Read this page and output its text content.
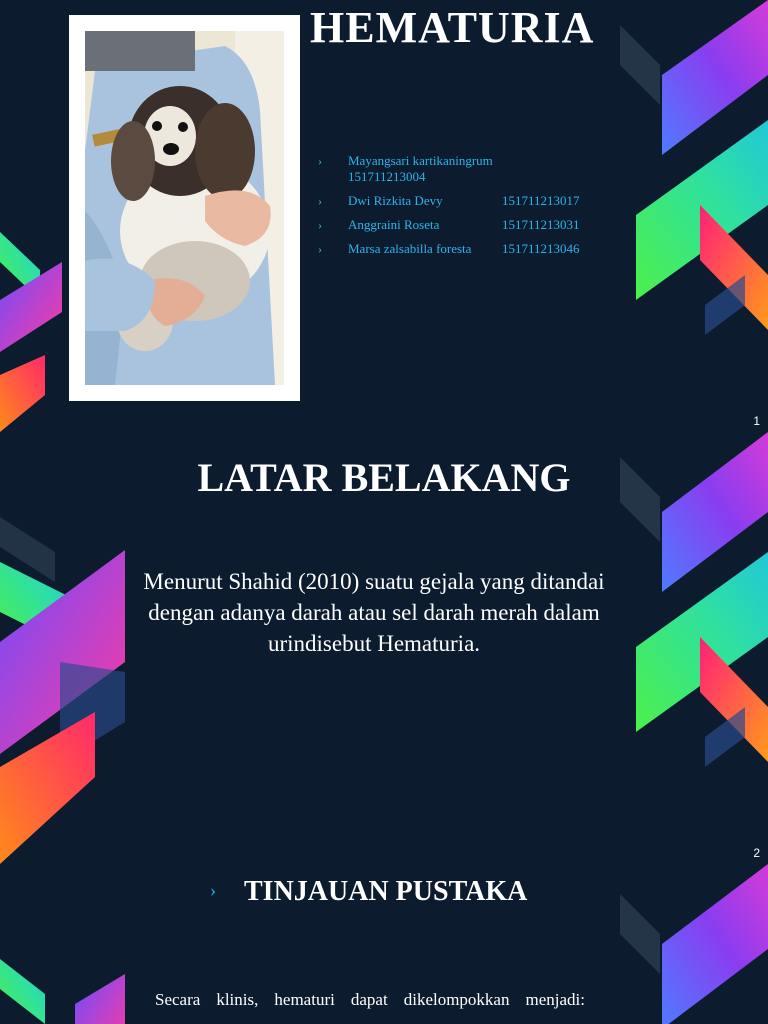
HEMATURIA
› Mayangsari kartikaningrum
151711213004
› Dwi Rizkita Devy	151711213017
› Anggraini Roseta	151711213031
› Marsa zalsabilla foresta 151711213046
1
LATAR BELAKANG

Menurut Shahid (2010) suatu gejala yang ditandai dengan adanya darah atau sel darah merah dalam urindisebut Hematuria.

2
› TINJAUAN PUSTAKA

Secara klinis, hematuri dapat dikelompokkan menjadi:
